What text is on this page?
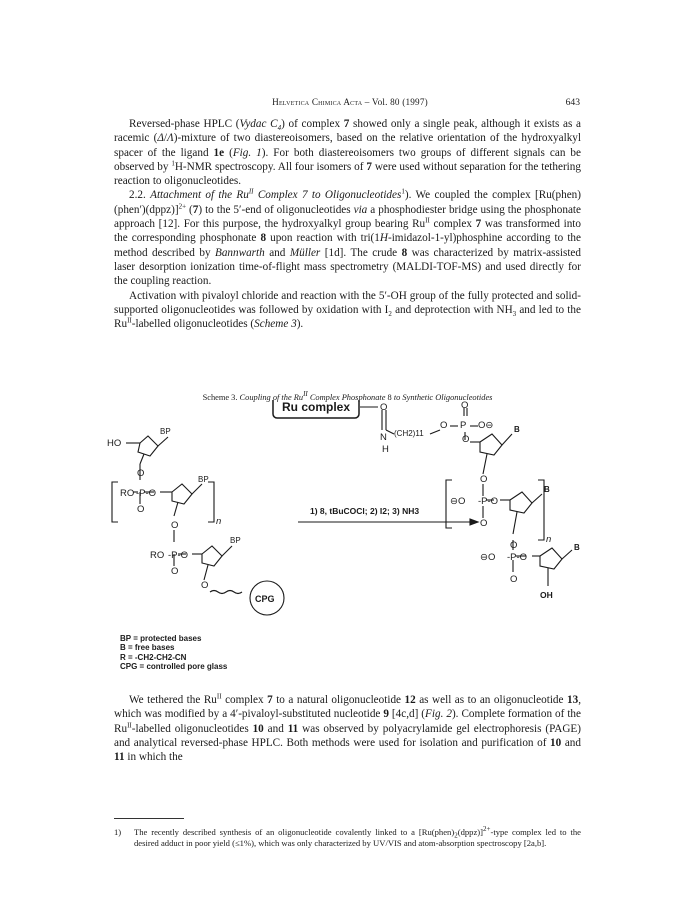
Helvetica Chimica Acta – Vol. 80 (1997)	643

Reversed-phase HPLC (Vydac $C_4$) of complex 7 showed only a single peak, although it exists as a racemic (Δ/Λ)-mixture of two diastereoisomers, based on the relative orientation of the hydroxyalkyl spacer of the ligand 1e (Fig. 1). For both diastereoisomers two groups of different signals can be observed by $^1$H-NMR spectroscopy. All four isomers of 7 were used without separation for the tethering reaction to oligonucleotides.

2.2. Attachment of the $Ru^{II}$ Complex 7 to Oligonucleotides$^1$). We coupled the complex [Ru(phen)(phen′)(dppz)]$^{2+}$ (7) to the 5′-end of oligonucleotides via a phosphodiester bridge using the phosphonate approach [12]. For this purpose, the hydroxyalkyl group bearing $Ru^{II}$ complex 7 was transformed into the corresponding phosphonate 8 upon reaction with tri(1H-imidazol-1-yl)phosphine according to the method described by Bannwarth and Müller [1d]. The crude 8 was characterized by matrix-assisted laser desorption ionization time-of-flight mass spectrometry (MALDI-TOF-MS) and used directly for the coupling reaction.

Activation with pivaloyl chloride and reaction with the 5′-OH group of the fully protected and solid-supported oligonucleotides was followed by oxidation with $I_2$ and deprotection with $NH_3$ and led to the $Ru^{II}$-labelled oligonucleotides (Scheme 3).

Scheme 3. Coupling of the $Ru^{II}$ Complex Phosphonate 8 to Synthetic Oligonucleotides
HO
BP
O
RO -P-O
O
BP
n
O
RO -P-O
O
BP
O
CPG
1) 8, tBuCOCl; 2) I2; 3) NH3
Ru complex	O
N
H
(CH2)11
O P
O
O⊖
O
B
O
⊖O -P-O
O
B
n
O
⊖O -P-O
O
B
OH
BP = protected bases
B = free bases
R = -CH2-CH2-CN
CPG = controlled pore glass

We tethered the $Ru^{II}$ complex 7 to a natural oligonucleotide 12 as well as to an oligonucleotide 13, which was modified by a 4′-pivaloyl-substituted nucleotide 9 [4c,d] (Fig. 2). Complete formation of the $Ru^{II}$-labelled oligonucleotides 10 and 11 was observed by polyacrylamide gel electrophoresis (PAGE) and analytical reversed-phase HPLC. Both methods were used for isolation and purification of 10 and 11 in which the

1) The recently described synthesis of an oligonucleotide covalently linked to a $[Ru(phen)_2(dppz)]^{2+}$-type complex led to the desired adduct in poor yield (≤1%), which was only characterized by UV/VIS and atom-absorption spectroscopy [2a,b].
